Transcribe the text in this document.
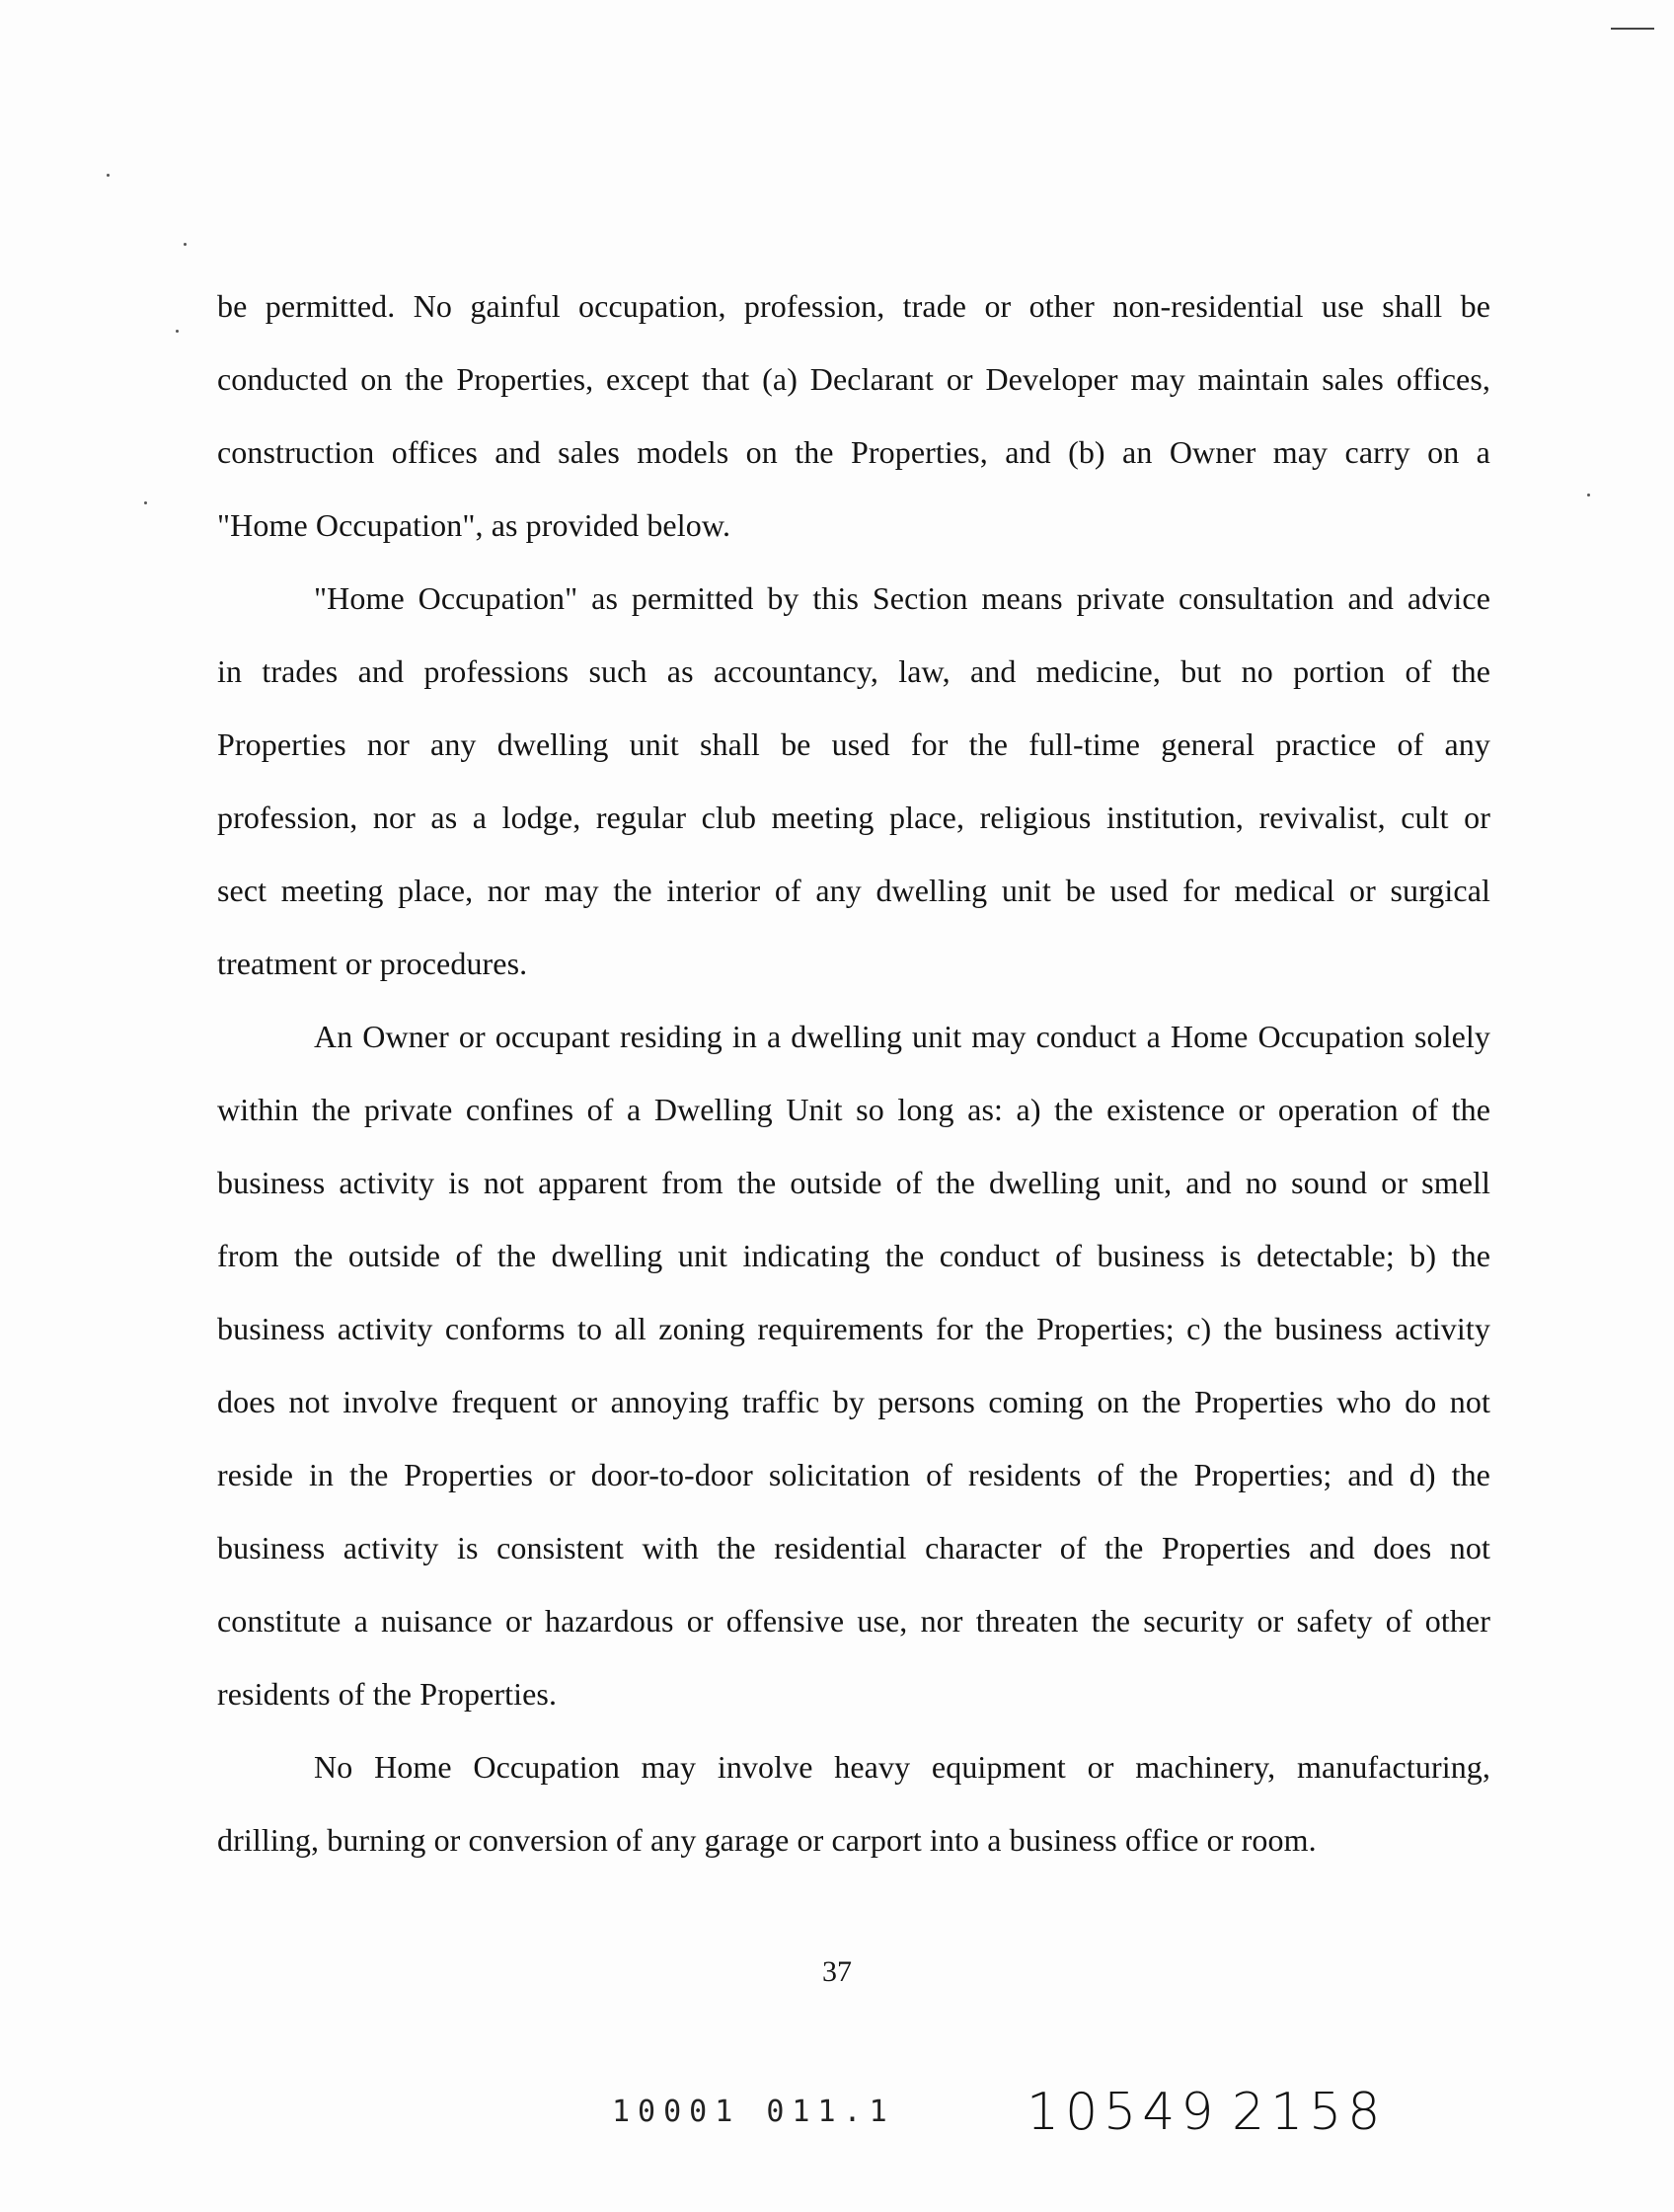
be permitted. No gainful occupation, profession, trade or other non-residential use shall be
conducted on the Properties, except that (a) Declarant or Developer may maintain sales offices,
construction offices and sales models on the Properties, and (b) an Owner may carry on a
"Home Occupation", as provided below.
"Home Occupation" as permitted by this Section means private consultation and advice
in trades and professions such as accountancy, law, and medicine, but no portion of the
Properties nor any dwelling unit shall be used for the full-time general practice of any
profession, nor as a lodge, regular club meeting place, religious institution, revivalist, cult or
sect meeting place, nor may the interior of any dwelling unit be used for medical or surgical
treatment or procedures.
An Owner or occupant residing in a dwelling unit may conduct a Home Occupation solely
within the private confines of a Dwelling Unit so long as: a) the existence or operation of the
business activity is not apparent from the outside of the dwelling unit, and no sound or smell
from the outside of the dwelling unit indicating the conduct of business is detectable; b) the
business activity conforms to all zoning requirements for the Properties; c) the business activity
does not involve frequent or annoying traffic by persons coming on the Properties who do not
reside in the Properties or door-to-door solicitation of residents of the Properties; and d) the
business activity is consistent with the residential character of the Properties and does not
constitute a nuisance or hazardous or offensive use, nor threaten the security or safety of other
residents of the Properties.
No Home Occupation may involve heavy equipment or machinery, manufacturing,
drilling, burning or conversion of any garage or carport into a business office or room.
37
10001 011.1	10549 2158
